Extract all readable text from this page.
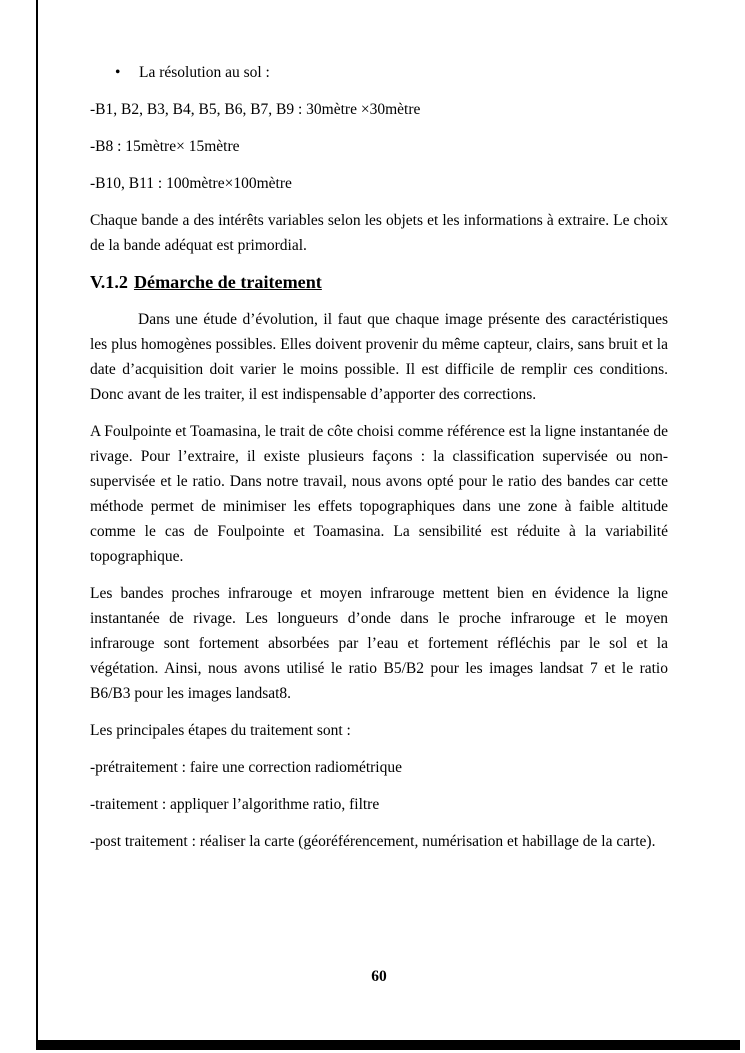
• La résolution au sol :

-B1, B2, B3, B4, B5, B6, B7, B9 : 30mètre ×30mètre

-B8 : 15mètre× 15mètre

-B10, B11 : 100mètre×100mètre

Chaque bande a des intérêts variables selon les objets et les informations à extraire. Le choix de la bande adéquat est primordial.

V.1.2 Démarche de traitement

Dans une étude d’évolution, il faut que chaque image présente des caractéristiques les plus homogènes possibles. Elles doivent provenir du même capteur, clairs, sans bruit et la date d’acquisition doit varier le moins possible. Il est difficile de remplir ces conditions. Donc avant de les traiter, il est indispensable d’apporter des corrections.

A Foulpointe et Toamasina, le trait de côte choisi comme référence est la ligne instantanée de rivage. Pour l’extraire, il existe plusieurs façons : la classification supervisée ou non-supervisée et le ratio. Dans notre travail, nous avons opté pour le ratio des bandes car cette méthode permet de minimiser les effets topographiques dans une zone à faible altitude comme le cas de Foulpointe et Toamasina. La sensibilité est réduite à la variabilité topographique.

Les bandes proches infrarouge et moyen infrarouge mettent bien en évidence la ligne instantanée de rivage. Les longueurs d’onde dans le proche infrarouge et le moyen infrarouge sont fortement absorbées par l’eau et fortement réfléchis par le sol et la végétation. Ainsi, nous avons utilisé le ratio B5/B2 pour les images landsat 7 et le ratio B6/B3 pour les images landsat8.

Les principales étapes du traitement sont :

-prétraitement : faire une correction radiométrique

-traitement : appliquer l’algorithme ratio, filtre

-post traitement : réaliser la carte (géoréférencement, numérisation et habillage de la carte).

60
